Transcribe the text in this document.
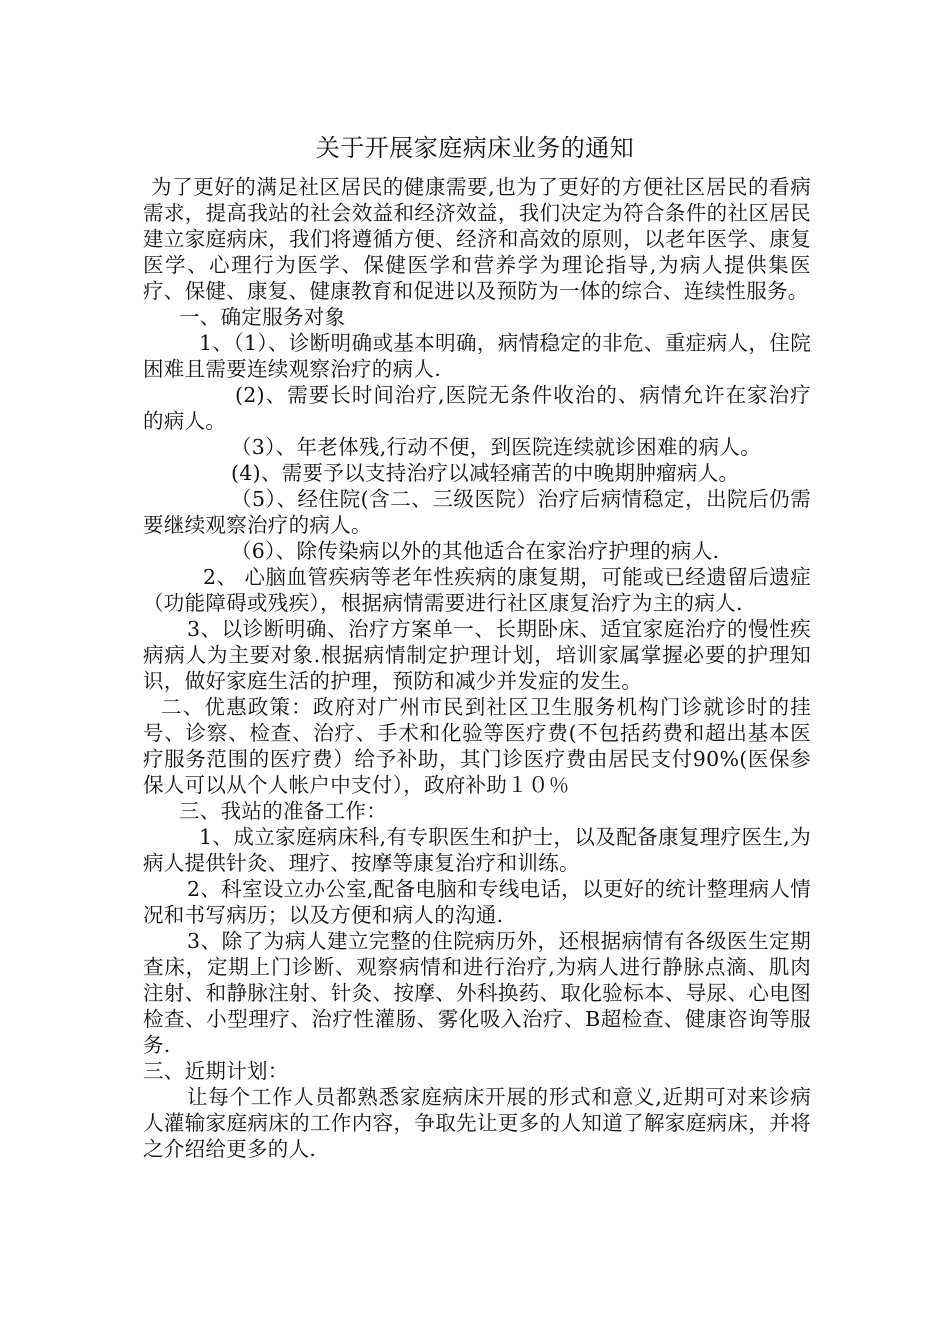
关于开展家庭病床业务的通知

为了更好的满足社区居民的健康需要,也为了更好的方便社区居民的看病需求，提高我站的社会效益和经济效益，我们决定为符合条件的社区居民建立家庭病床，我们将遵循方便、经济和高效的原则，以老年医学、康复医学、心理行为医学、保健医学和营养学为理论指导,为病人提供集医疗、保健、康复、健康教育和促进以及预防为一体的综合、连续性服务。

一、确定服务对象

1、（1）、诊断明确或基本明确，病情稳定的非危、重症病人，住院困难且需要连续观察治疗的病人.

(2)、需要长时间治疗,医院无条件收治的、病情允许在家治疗的病人。

（3）、年老体残,行动不便，到医院连续就诊困难的病人。

(4)、需要予以支持治疗以减轻痛苦的中晚期肿瘤病人。

（5）、经住院(含二、三级医院）治疗后病情稳定，出院后仍需要继续观察治疗的病人。

（6）、除传染病以外的其他适合在家治疗护理的病人.

2、 心脑血管疾病等老年性疾病的康复期，可能或已经遗留后遗症（功能障碍或残疾），根据病情需要进行社区康复治疗为主的病人.

3、以诊断明确、治疗方案单一、长期卧床、适宜家庭治疗的慢性疾病病人为主要对象.根据病情制定护理计划，培训家属掌握必要的护理知识，做好家庭生活的护理，预防和减少并发症的发生。

二、优惠政策：政府对广州市民到社区卫生服务机构门诊就诊时的挂号、诊察、检查、治疗、手术和化验等医疗费(不包括药费和超出基本医疗服务范围的医疗费）给予补助，其门诊医疗费由居民支付90%(医保参保人可以从个人帐户中支付），政府补助１０％

三、我站的准备工作：

1、成立家庭病床科,有专职医生和护士，以及配备康复理疗医生,为病人提供针灸、理疗、按摩等康复治疗和训练。

2、科室设立办公室,配备电脑和专线电话，以更好的统计整理病人情况和书写病历；以及方便和病人的沟通.

3、除了为病人建立完整的住院病历外，还根据病情有各级医生定期查床，定期上门诊断、观察病情和进行治疗,为病人进行静脉点滴、肌肉注射、和静脉注射、针灸、按摩、外科换药、取化验标本、导尿、心电图检查、小型理疗、治疗性灌肠、雾化吸入治疗、B超检查、健康咨询等服务.

三、近期计划：

让每个工作人员都熟悉家庭病床开展的形式和意义,近期可对来诊病人灌输家庭病床的工作内容，争取先让更多的人知道了解家庭病床，并将之介绍给更多的人.
